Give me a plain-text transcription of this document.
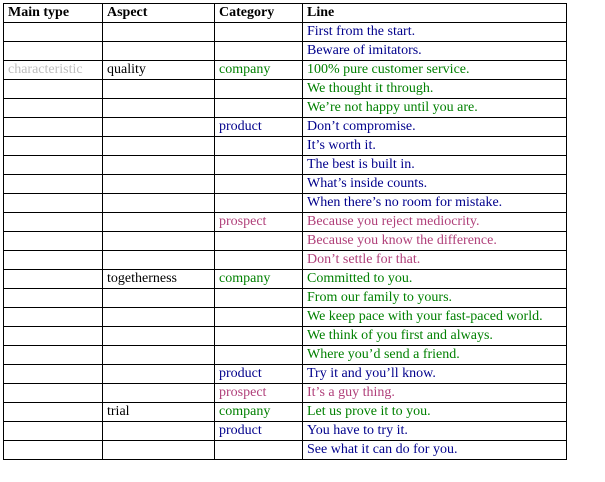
Main type	Aspect	Category	Line
			First from the start.
			Beware of imitators.
characteristic	quality	company	100% pure customer service.
			We thought it through.
			We’re not happy until you are.
		product	Don’t compromise.
			It’s worth it.
			The best is built in.
			What’s inside counts.
			When there’s no room for mistake.
		prospect	Because you reject mediocrity.
			Because you know the difference.
			Don’t settle for that.
	togetherness	company	Committed to you.
			From our family to yours.
			We keep pace with your fast-paced world.
			We think of you first and always.
			Where you’d send a friend.
		product	Try it and you’ll know.
		prospect	It’s a guy thing.
	trial	company	Let us prove it to you.
		product	You have to try it.
			See what it can do for you.
